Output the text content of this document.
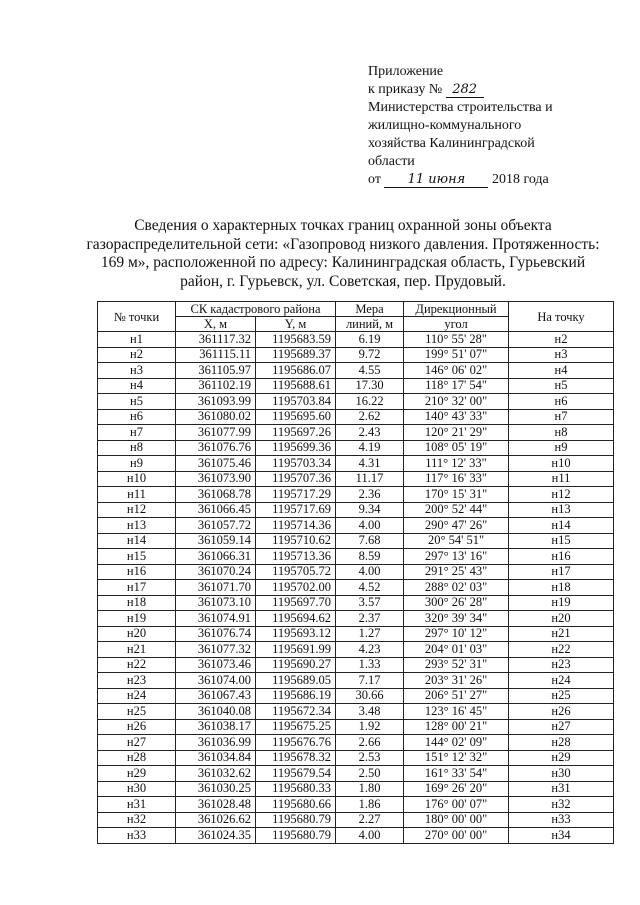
Приложение
к приказу № 282
Министерства строительства и
жилищно-коммунального
хозяйства Калининградской
области
от 11 июня 2018 года
Сведения о характерных точках границ охранной зоны объекта
газораспределительной сети: «Газопровод низкого давления. Протяженность:
169 м», расположенной по адресу: Калининградская область, Гурьевский
район, г. Гурьевск, ул. Советская, пер. Прудовый.
№ точки	СК кадастрового района		Мера	Дирекционный	На точку
	X, м	Y, м	линий, м	угол	
н1	361117.32	1195683.59	6.19	110° 55' 28"	н2
н2	361115.11	1195689.37	9.72	199° 51' 07"	н3
н3	361105.97	1195686.07	4.55	146° 06' 02"	н4
н4	361102.19	1195688.61	17.30	118° 17' 54"	н5
н5	361093.99	1195703.84	16.22	210° 32' 00"	н6
н6	361080.02	1195695.60	2.62	140° 43' 33"	н7
н7	361077.99	1195697.26	2.43	120° 21' 29"	н8
н8	361076.76	1195699.36	4.19	108° 05' 19"	н9
н9	361075.46	1195703.34	4.31	111° 12' 33"	н10
н10	361073.90	1195707.36	11.17	117° 16' 33"	н11
н11	361068.78	1195717.29	2.36	170° 15' 31"	н12
н12	361066.45	1195717.69	9.34	200° 52' 44"	н13
н13	361057.72	1195714.36	4.00	290° 47' 26"	н14
н14	361059.14	1195710.62	7.68	20° 54' 51"	н15
н15	361066.31	1195713.36	8.59	297° 13' 16"	н16
н16	361070.24	1195705.72	4.00	291° 25' 43"	н17
н17	361071.70	1195702.00	4.52	288° 02' 03"	н18
н18	361073.10	1195697.70	3.57	300° 26' 28"	н19
н19	361074.91	1195694.62	2.37	320° 39' 34"	н20
н20	361076.74	1195693.12	1.27	297° 10' 12"	н21
н21	361077.32	1195691.99	4.23	204° 01' 03"	н22
н22	361073.46	1195690.27	1.33	293° 52' 31"	н23
н23	361074.00	1195689.05	7.17	203° 31' 26"	н24
н24	361067.43	1195686.19	30.66	206° 51' 27"	н25
н25	361040.08	1195672.34	3.48	123° 16' 45"	н26
н26	361038.17	1195675.25	1.92	128° 00' 21"	н27
н27	361036.99	1195676.76	2.66	144° 02' 09"	н28
н28	361034.84	1195678.32	2.53	151° 12' 32"	н29
н29	361032.62	1195679.54	2.50	161° 33' 54"	н30
н30	361030.25	1195680.33	1.80	169° 26' 20"	н31
н31	361028.48	1195680.66	1.86	176° 00' 07"	н32
н32	361026.62	1195680.79	2.27	180° 00' 00"	н33
н33	361024.35	1195680.79	4.00	270° 00' 00"	н34
